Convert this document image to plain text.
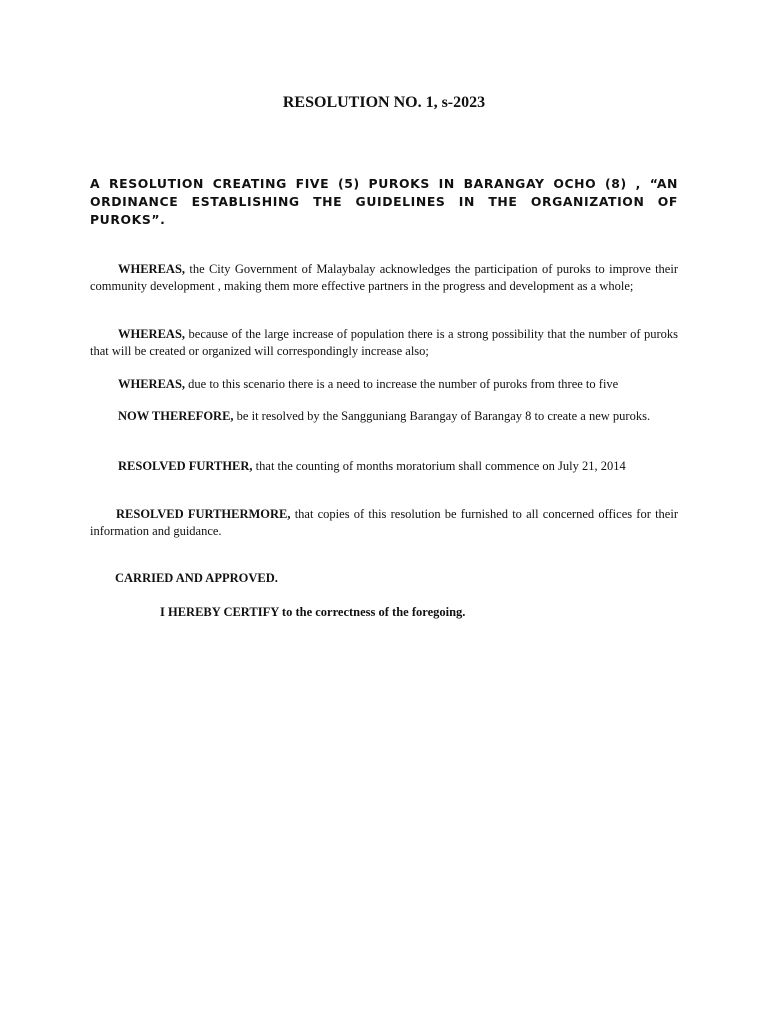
RESOLUTION NO. 1, s-2023
A RESOLUTION CREATING FIVE (5) PUROKS IN BARANGAY OCHO (8) , “AN ORDINANCE ESTABLISHING THE GUIDELINES IN THE ORGANIZATION OF PUROKS”.
WHEREAS, the City Government of Malaybalay acknowledges the participation of puroks to improve their community development , making them more effective partners in the progress and development as a whole;
WHEREAS, because of the large increase of population there is a strong possibility that the number of puroks that will be created or organized will correspondingly increase also;
WHEREAS, due to this scenario there is a need to increase the number of puroks from three to five
NOW THEREFORE, be it resolved by the Sangguniang Barangay of Barangay 8 to create a new puroks.
RESOLVED FURTHER, that the counting of months moratorium shall commence on July 21, 2014
RESOLVED FURTHERMORE, that copies of this resolution be furnished to all concerned offices for their information and guidance.
CARRIED AND APPROVED.
I HEREBY CERTIFY to the correctness of the foregoing.
